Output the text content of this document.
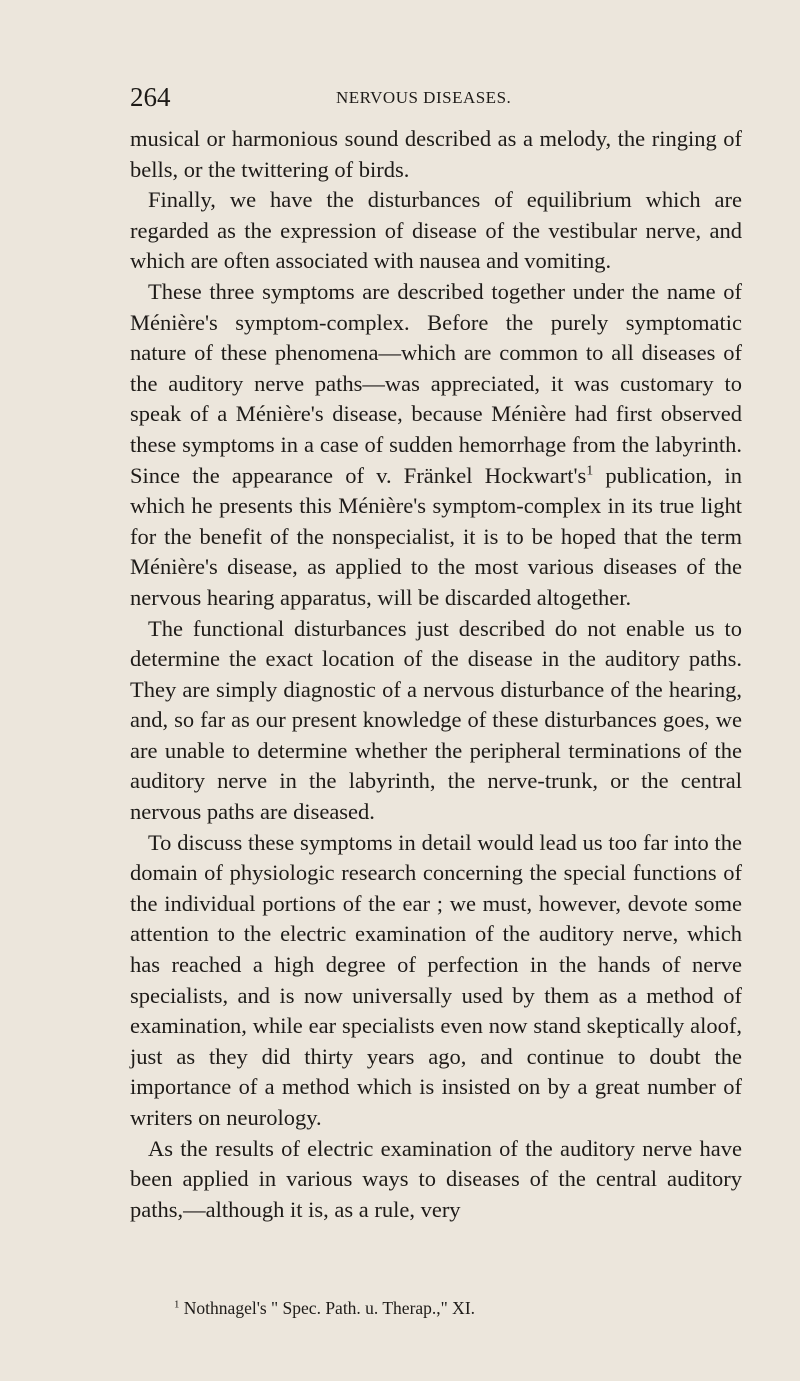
264	NERVOUS DISEASES.

musical or harmonious sound described as a melody, the ringing of bells, or the twittering of birds.

Finally, we have the disturbances of equilibrium which are regarded as the expression of disease of the vestibular nerve, and which are often associated with nausea and vomiting.

These three symptoms are described together under the name of Ménière's symptom-complex. Before the purely symptomatic nature of these phenomena—which are common to all diseases of the auditory nerve paths—was appreciated, it was customary to speak of a Ménière's disease, because Ménière had first observed these symptoms in a case of sudden hemorrhage from the labyrinth. Since the appearance of v. Fränkel $Hockwart's^1$ publication, in which he presents this Ménière's symptom-complex in its true light for the benefit of the nonspecialist, it is to be hoped that the term Ménière's disease, as applied to the most various diseases of the nervous hearing apparatus, will be discarded altogether.

The functional disturbances just described do not enable us to determine the exact location of the disease in the auditory paths. They are simply diagnostic of a nervous disturbance of the hearing, and, so far as our present knowledge of these disturbances goes, we are unable to determine whether the peripheral terminations of the auditory nerve in the labyrinth, the nerve-trunk, or the central nervous paths are diseased.

To discuss these symptoms in detail would lead us too far into the domain of physiologic research concerning the special functions of the individual portions of the ear ; we must, however, devote some attention to the electric examination of the auditory nerve, which has reached a high degree of perfection in the hands of nerve specialists, and is now universally used by them as a method of examination, while ear specialists even now stand skeptically aloof, just as they did thirty years ago, and continue to doubt the importance of a method which is insisted on by a great number of writers on neurology.

As the results of electric examination of the auditory nerve have been applied in various ways to diseases of the central auditory paths,—although it is, as a rule, very

$^1$ Nothnagel's " Spec. Path. u. Therap.," XI.
